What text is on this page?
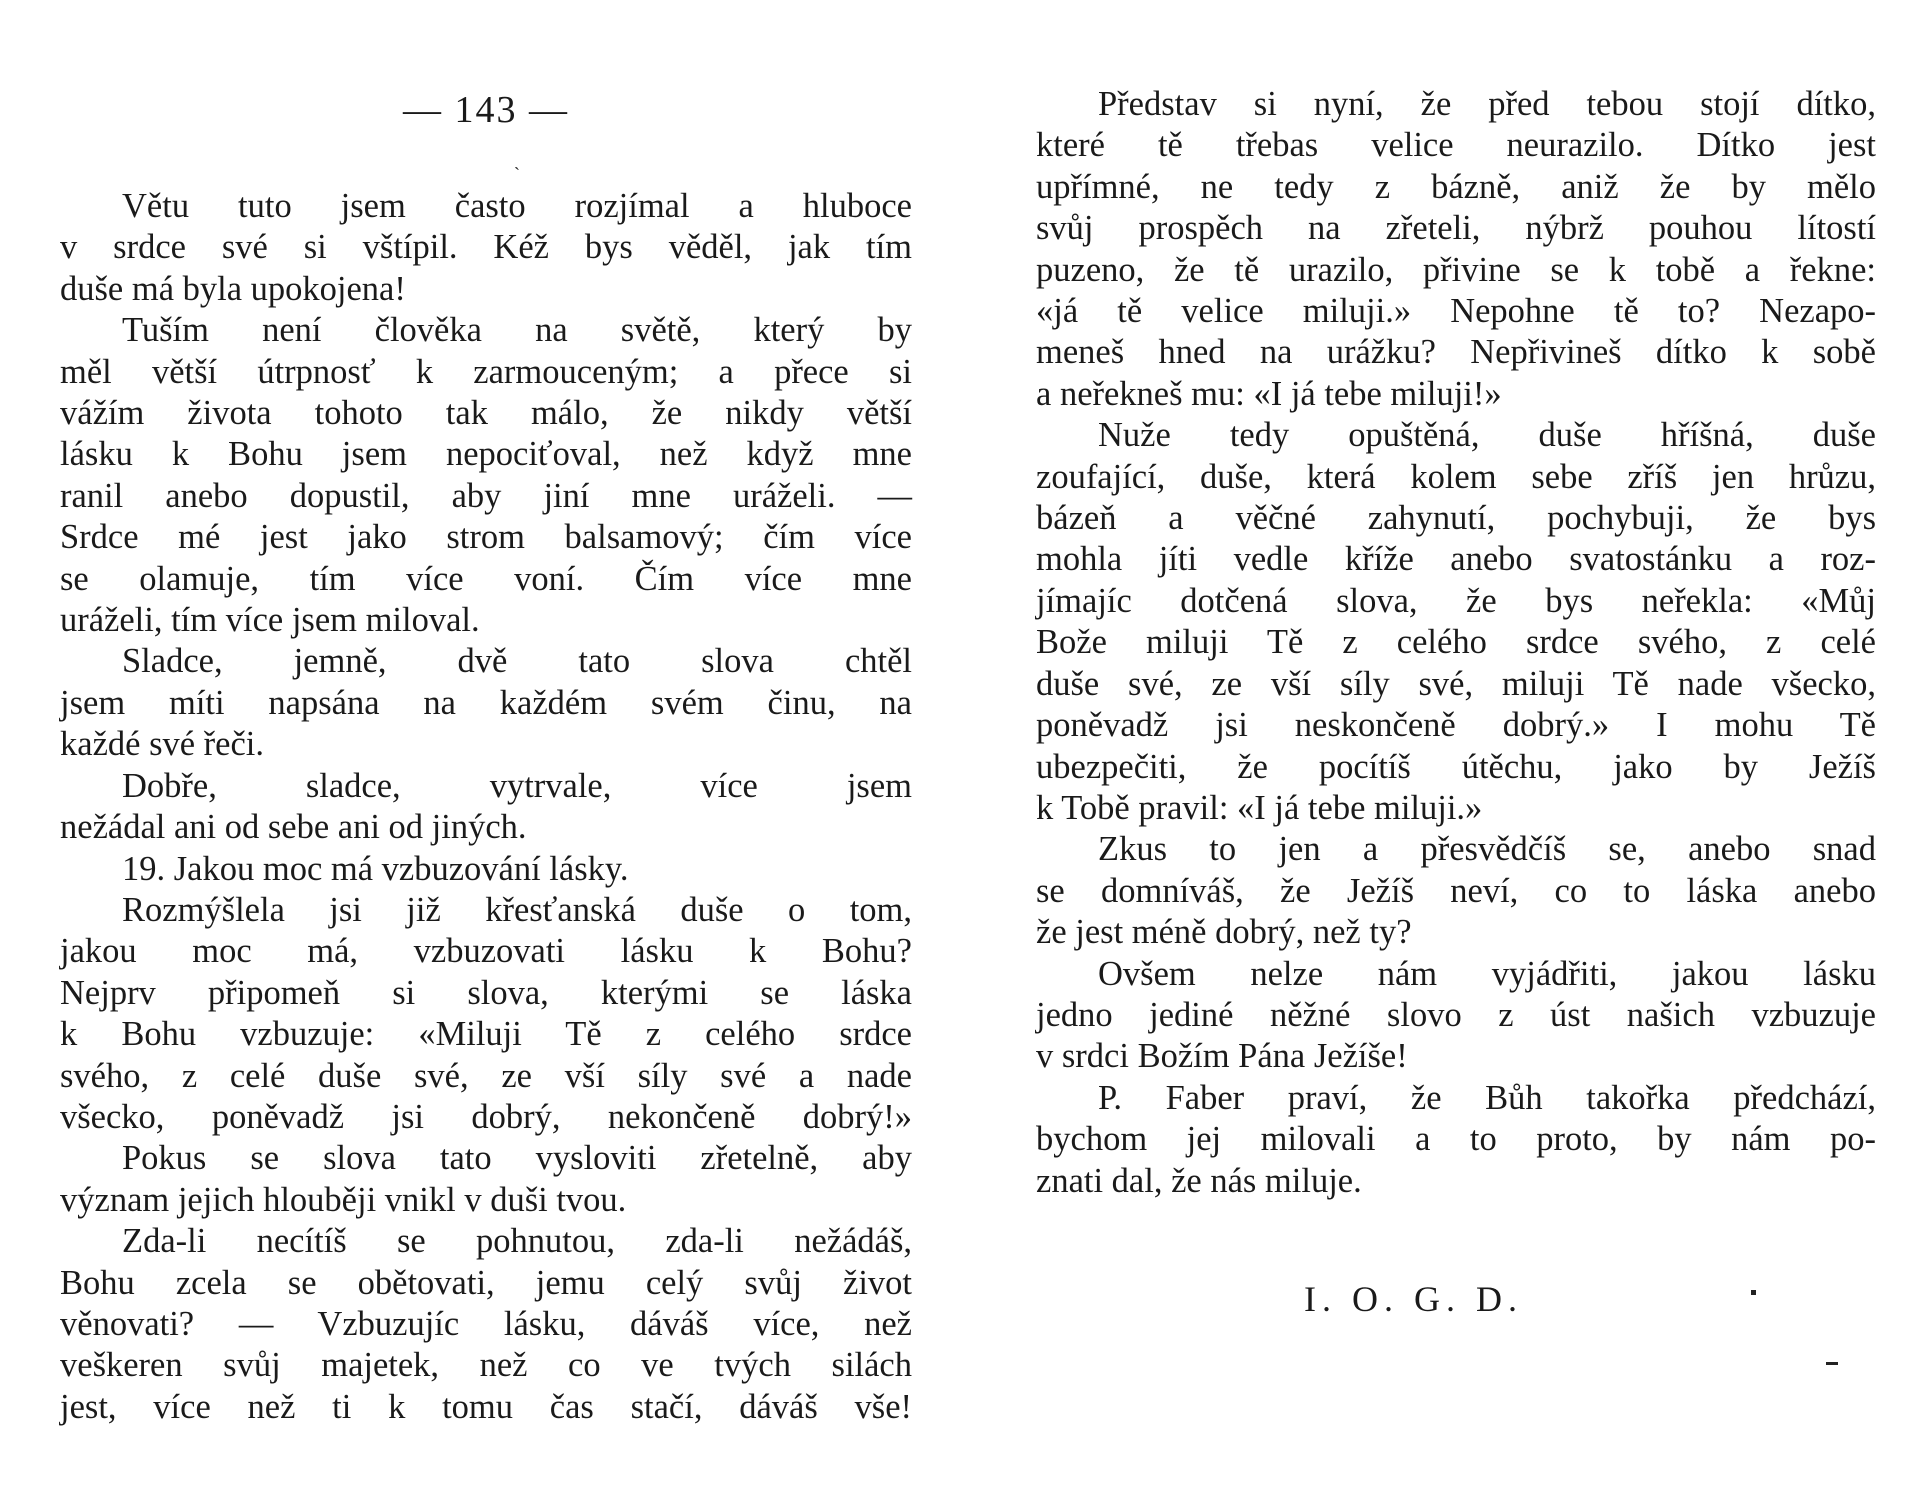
— 143 —
ˎ
Větu tuto jsem často rozjímal a hluboce
v srdce své si vštípil. Kéž bys věděl, jak tím
duše má byla upokojena!
Tuším není člověka na světě, který by
měl větší útrpnosť k zarmouceným; a přece si
vážím života tohoto tak málo, že nikdy větší
lásku k Bohu jsem nepociťoval, než když mne
ranil anebo dopustil, aby jiní mne uráželi. —
Srdce mé jest jako strom balsamový; čím více
se olamuje, tím více voní. Čím více mne
uráželi, tím více jsem miloval.
Sladce, jemně, dvě tato slova chtěl
jsem míti napsána na každém svém činu, na
každé své řeči.
Dobře, sladce, vytrvale, více jsem
nežádal ani od sebe ani od jiných.
19. Jakou moc má vzbuzování lásky.
Rozmýšlela jsi již křesťanská duše o tom,
jakou moc má, vzbuzovati lásku k Bohu?
Nejprv připomeň si slova, kterými se láska
k Bohu vzbuzuje: «Miluji Tě z celého srdce
svého, z celé duše své, ze vší síly své a nade
všecko, poněvadž jsi dobrý, nekončeně dobrý!»
Pokus se slova tato vysloviti zřetelně, aby
význam jejich hlouběji vnikl v duši tvou.
Zda-li necítíš se pohnutou, zda-li nežádáš,
Bohu zcela se obětovati, jemu celý svůj život
věnovati? — Vzbuzujíc lásku, dáváš více, než
veškeren svůj majetek, než co ve tvých silách
jest, více než ti k tomu čas stačí, dáváš vše!
Představ si nyní, že před tebou stojí dítko,
které tě třebas velice neurazilo. Dítko jest
upřímné, ne tedy z bázně, aniž že by mělo
svůj prospěch na zřeteli, nýbrž pouhou lítostí
puzeno, že tě urazilo, přivine se k tobě a řekne:
«já tě velice miluji.» Nepohne tě to? Nezapo-
meneš hned na urážku? Nepřivineš dítko k sobě
a neřekneš mu: «I já tebe miluji!»
Nuže tedy opuštěná, duše hříšná, duše
zoufající, duše, která kolem sebe zříš jen hrůzu,
bázeň a věčné zahynutí, pochybuji, že bys
mohla jíti vedle kříže anebo svatostánku a roz-
jímajíc dotčená slova, že bys neřekla: «Můj
Bože miluji Tě z celého srdce svého, z celé
duše své, ze vší síly své, miluji Tě nade všecko,
poněvadž jsi neskončeně dobrý.» I mohu Tě
ubezpečiti, že pocítíš útěchu, jako by Ježíš
k Tobě pravil: «I já tebe miluji.»
Zkus to jen a přesvědčíš se, anebo snad
se domníváš, že Ježíš neví, co to láska anebo
že jest méně dobrý, než ty?
Ovšem nelze nám vyjádřiti, jakou lásku
jedno jediné něžné slovo z úst našich vzbuzuje
v srdci Božím Pána Ježíše!
P. Faber praví, že Bůh takořka předchází,
bychom jej milovali a to proto, by nám po-
znati dal, že nás miluje.
I. O. G. D.
